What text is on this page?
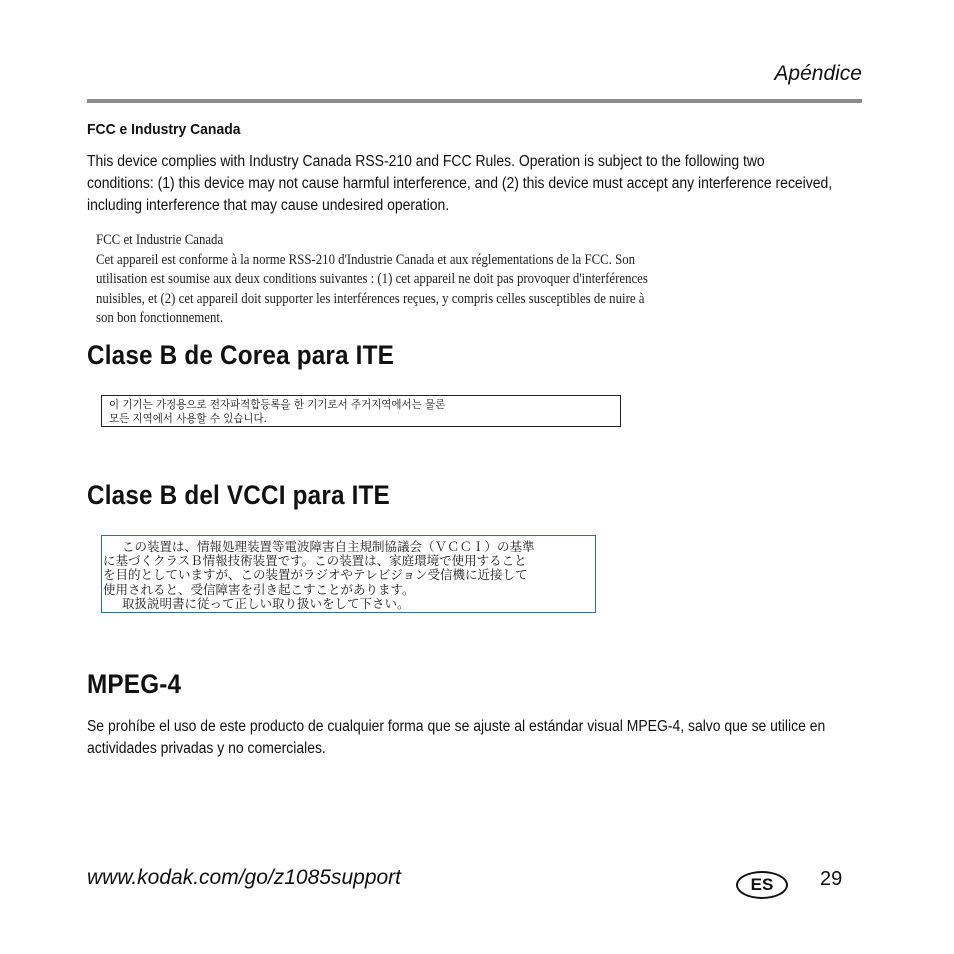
Apéndice
FCC e Industry Canada
This device complies with Industry Canada RSS-210 and FCC Rules. Operation is subject to the following two conditions: (1) this device may not cause harmful interference, and (2) this device must accept any interference received, including interference that may cause undesired operation.
FCC et Industrie Canada
Cet appareil est conforme à la norme RSS-210 d'Industrie Canada et aux réglementations de la FCC. Son
utilisation est soumise aux deux conditions suivantes : (1) cet appareil ne doit pas provoquer d'interférences
nuisibles, et (2) cet appareil doit supporter les interférences reçues, y compris celles susceptibles de nuire à
son bon fonctionnement.
Clase B de Corea para ITE
이 기기는 가정용으로 전자파적합등록을 한 기기로서 주거지역에서는 물론
모든 지역에서 사용할 수 있습니다.
Clase B del VCCI para ITE
この装置は、情報処理装置等電波障害自主規制協議会（ＶＣＣＩ）の基準
に基づくクラスＢ情報技術装置です。この装置は、家庭環境で使用すること
を目的としていますが、この装置がラジオやテレビジョン受信機に近接して
使用されると、受信障害を引き起こすことがあります。
取扱説明書に従って正しい取り扱いをして下さい。
MPEG-4
Se prohíbe el uso de este producto de cualquier forma que se ajuste al estándar visual MPEG-4, salvo que se utilice en actividades privadas y no comerciales.
www.kodak.com/go/z1085support	ES	29
